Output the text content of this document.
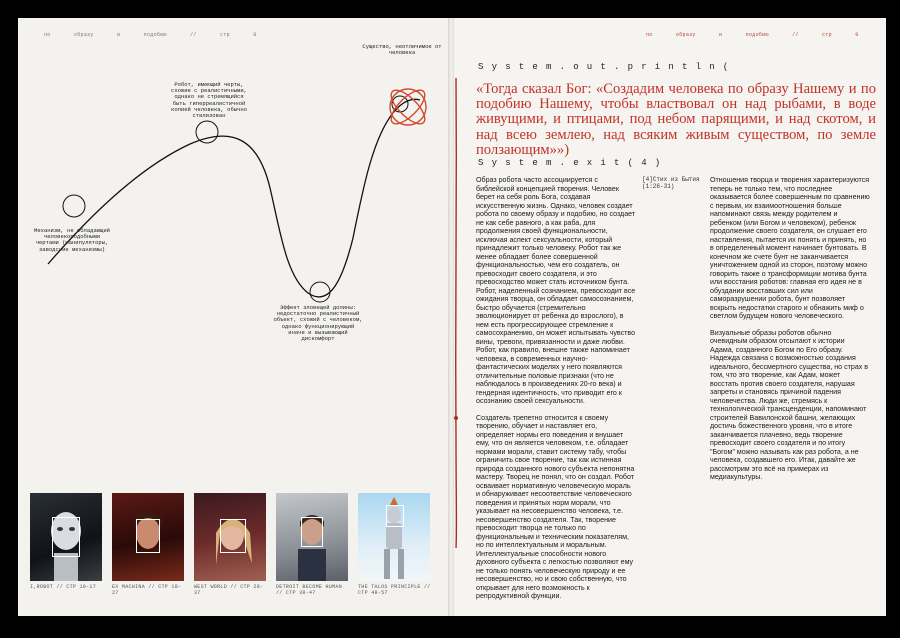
по	образу	и	подобию	//	стр	8
Механизм, не обладающий человекоподобными чертами (манипуляторы, заводские механизмы)
Робот, имеющий черты, схожие с реалистичными, однако не стремящийся быть гиперреалистичной копией человека, обычно стилизован
Существо, неотличимое от человека
Эффект зловещей долины: недостаточно реалистичный объект, схожий с человеком, однако функционирующий иначе и вызывающий дискомфорт
I,ROBOT // СТР 10-17	EX MACHINA // СТР 18-27
WEST WORLD // СТР 28-37
DETROIT BECOME HUMAN // СТР 38-47
THE TALOS PRINCIPLE // СТР 48-57
по	образу	и	подобию	//	стр	9
System.out.println(
«Тогда сказал Бог: «Создадим человека по образу Нашему и по подобию Нашему, чтобы властвовал он над рыбами, в воде живущими, и птицами, под небом парящими, и над скотом, и над всею землею, над всяким живым существом, по земле ползающим»»)
System.exit(4)

Образ робота часто ассоциируется с библейской концепцией творения. Человек берет на себя роль Бога, создавая искусственную жизнь. Однако, человек создает робота по своему образу и подобию, но создает не как себе равного, а как раба, для продолжения своей функциональности, исключая аспект сексуальности, который принадлежит только человеку. Робот так же менее обладает более совершенной функциональностью, чем его создатель, он превосходит своего создателя, и это превосходство может стать источником бунта. Робот, наделенный сознанием, превосходит все ожидания творца, он обладает самосознанием, быстро обучается (стремительно эволюционирует от ребенка до взрослого), в нем есть прогрессирующее стремление к самосохранению, он может испытывать чувство вины, тревоги, привязанности и даже любви. Робот, как правило, внешне также напоминает человека, в современных научно-фантастических моделях у него появляются отличительные половые признаки (что не наблюдалось в произведениях 20-го века) и гендерная идентичность, что приводит его к осознанию своей сексуальности.

Создатель трепетно относится к своему творению, обучает и наставляет его, определяет нормы его поведения и внушает ему, что он является человеком, т.е. обладает нормами морали, ставит систему табу, чтобы ограничить свое творение, так как истинная природа созданного нового субъекта непонятна мастеру. Творец не понял, что он создал. Робот осваивает нормативную человеческую мораль и обнаруживает несоответствие человеческого поведения и принятых норм морали, что указывает на несовершенство человека, т.е. несовершенство создателя. Так, творение превосходит творца не только по функциональным и техническим показателям, но по интеллектуальным и моральным. Интеллектуальные способности нового духовного субъекта с легкостью позволяют ему не только понять человеческую природу и ее несовершенство, но и свою собственную, что открывает для него возможность к репродуктивной функции.

[4]Стих из Бытия (1:26-31)

Отношения творца и творения характеризуются теперь не только тем, что последнее оказывается более совершенным по сравнению с первым, их взаимоотношения больше напоминают связь между родителем и ребенком (или Богом и человеком), ребенок продолжение своего создателя, он слушает его наставления, пытается их понять и принять, но в определенный момент начинает бунтовать. В конечном же счете бунт не заканчивается уничтожением одной из сторон, поэтому можно говорить также о трансформации мотива бунта или восстания роботов: главная его идея не в обуздании восставших сил или саморазрушении робота, бунт позволяет вскрыть недостатки старого и обнажить миф о светлом будущем нового человеческого.

Визуальные образы роботов обычно очевидным образом отсылают к истории Адама, созданного Богом по Его образу. Надежда связана с возможностью создания идеального, бессмертного существа, но страх в том, что это творение, как Адам, может восстать против своего создателя, нарушая запреты и становясь причиной падения человечества. Люди же, стремясь к технологической трансценденции, напоминают строителей Вавилонской башни, желающих достичь божественного уровня, что в итоге заканчивается плачевно, ведь творение превосходит своего создателя и по итогу "Богом" можно называть как раз робота, а не человека, создавшего его. Итак, давайте же рассмотрим это всё на примерах из медиакультуры.
